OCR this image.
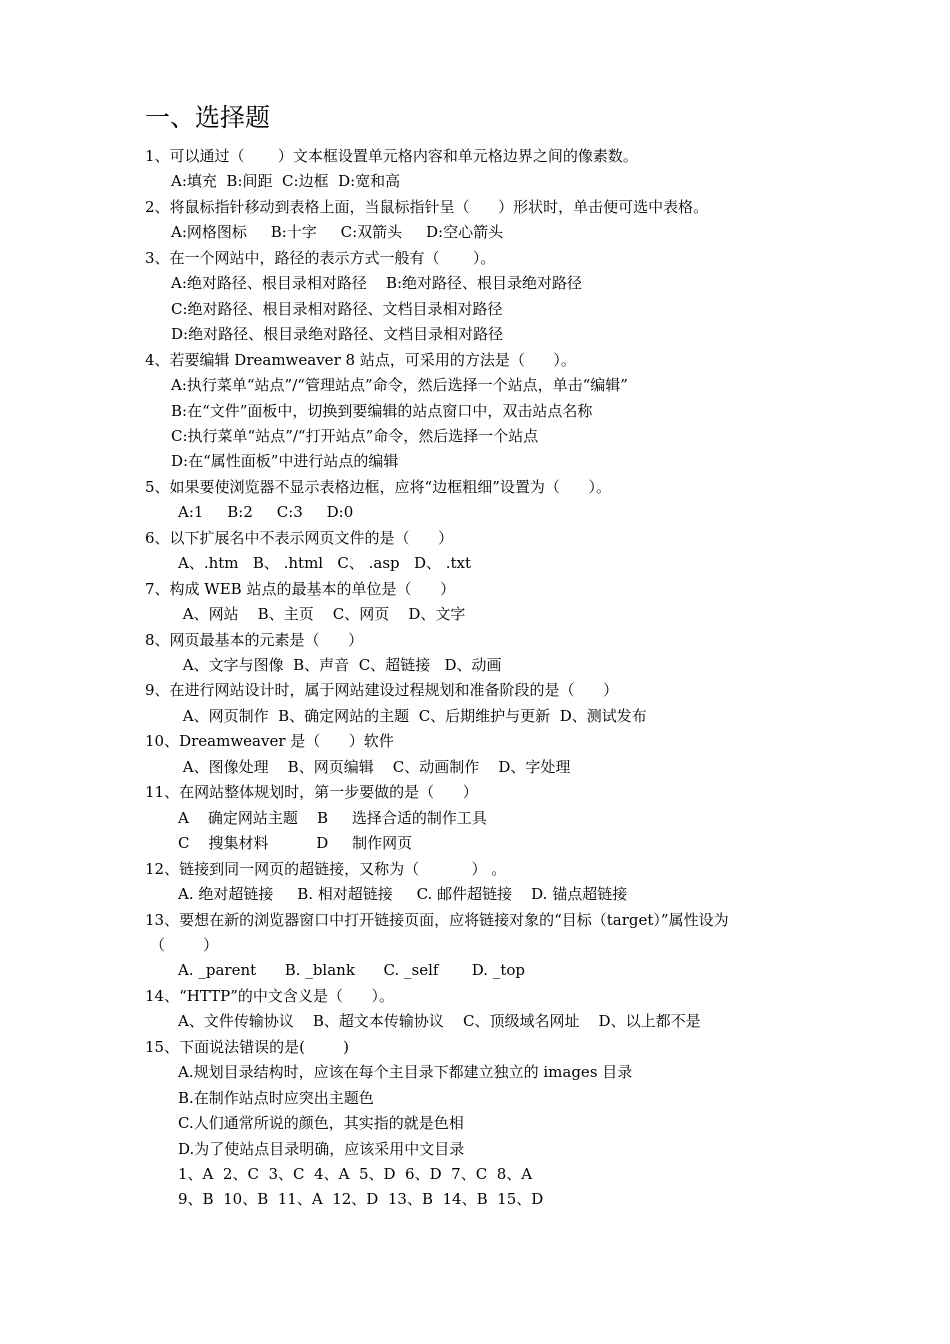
一、选择题
1、可以通过（       ）文本框设置单元格内容和单元格边界之间的像素数。
A:填充  B:间距  C:边框  D:宽和高
2、将鼠标指针移动到表格上面，当鼠标指针呈（      ）形状时，单击便可选中表格。
A:网格图标     B:十字     C:双箭头     D:空心箭头
3、在一个网站中，路径的表示方式一般有（       ）。
A:绝对路径、根目录相对路径    B:绝对路径、根目录绝对路径
C:绝对路径、根目录相对路径、文档目录相对路径
D:绝对路径、根目录绝对路径、文档目录相对路径
4、若要编辑 Dreamweaver 8 站点，可采用的方法是（      ）。
A:执行菜单“站点”/“管理站点”命令，然后选择一个站点，单击“编辑”
B:在“文件”面板中，切换到要编辑的站点窗口中，双击站点名称
C:执行菜单“站点”/“打开站点”命令，然后选择一个站点
D:在“属性面板”中进行站点的编辑
5、如果要使浏览器不显示表格边框，应将“边框粗细”设置为（      ）。
A:1     B:2     C:3     D:0
6、以下扩展名中不表示网页文件的是（      ）
A、.htm   B、 .html   C、 .asp   D、 .txt
7、构成 WEB 站点的最基本的单位是（      ）
A、网站    B、主页    C、网页    D、文字
8、网页最基本的元素是（      ）
A、文字与图像  B、声音  C、超链接   D、动画
9、在进行网站设计时，属于网站建设过程规划和准备阶段的是（      ）
A、网页制作  B、确定网站的主题  C、后期维护与更新  D、测试发布
10、Dreamweaver 是（      ）软件
A、图像处理    B、网页编辑    C、动画制作    D、字处理
11、在网站整体规划时，第一步要做的是（      ）
A    确定网站主题    B     选择合适的制作工具
C    搜集材料          D     制作网页
12、链接到同一网页的超链接，又称为（           ） 。
A. 绝对超链接     B. 相对超链接     C. 邮件超链接    D. 锚点超链接
13、要想在新的浏览器窗口中打开链接页面，应将链接对象的“目标（target）”属性设为
（        ）
A. _parent      B. _blank      C. _self       D. _top
14、“HTTP”的中文含义是（      ）。
A、文件传输协议    B、超文本传输协议    C、顶级域名网址    D、以上都不是
15、下面说法错误的是(        )
A.规划目录结构时，应该在每个主目录下都建立独立的 images 目录
B.在制作站点时应突出主题色
C.人们通常所说的颜色，其实指的就是色相
D.为了使站点目录明确，应该采用中文目录
1、A  2、C  3、C  4、A  5、D  6、D  7、C  8、A
9、B  10、B  11、A  12、D  13、B  14、B  15、D
